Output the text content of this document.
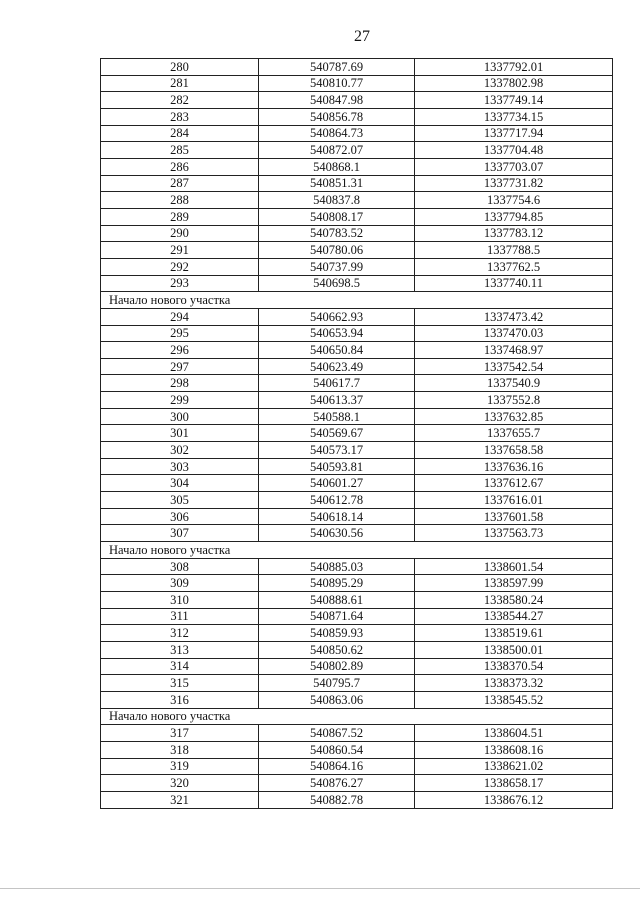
27
280	540787.69	1337792.01
281	540810.77	1337802.98
282	540847.98	1337749.14
283	540856.78	1337734.15
284	540864.73	1337717.94
285	540872.07	1337704.48
286	540868.1	1337703.07
287	540851.31	1337731.82
288	540837.8	1337754.6
289	540808.17	1337794.85
290	540783.52	1337783.12
291	540780.06	1337788.5
292	540737.99	1337762.5
293	540698.5	1337740.11
Начало нового участка		
294	540662.93	1337473.42
295	540653.94	1337470.03
296	540650.84	1337468.97
297	540623.49	1337542.54
298	540617.7	1337540.9
299	540613.37	1337552.8
300	540588.1	1337632.85
301	540569.67	1337655.7
302	540573.17	1337658.58
303	540593.81	1337636.16
304	540601.27	1337612.67
305	540612.78	1337616.01
306	540618.14	1337601.58
307	540630.56	1337563.73
Начало нового участка		
308	540885.03	1338601.54
309	540895.29	1338597.99
310	540888.61	1338580.24
311	540871.64	1338544.27
312	540859.93	1338519.61
313	540850.62	1338500.01
314	540802.89	1338370.54
315	540795.7	1338373.32
316	540863.06	1338545.52
Начало нового участка		
317	540867.52	1338604.51
318	540860.54	1338608.16
319	540864.16	1338621.02
320	540876.27	1338658.17
321	540882.78	1338676.12
